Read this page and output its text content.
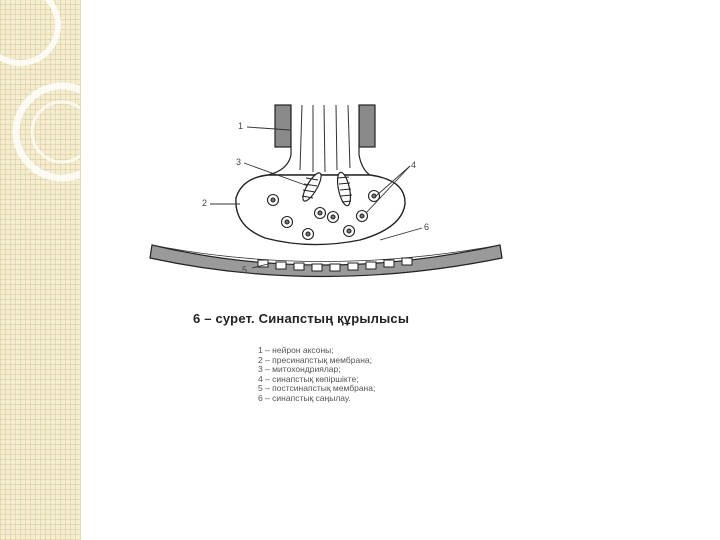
1
3	4
2
6
5
6 – сурет. Синапстың құрылысы
1 – нейрон аксоны;
2 – пресинапстық мембрана;
3 – митохондриялар;
4 – синапстық көпіршікте;
5 – постсинапстық мембрана;
6 – синапстық саңылау.
